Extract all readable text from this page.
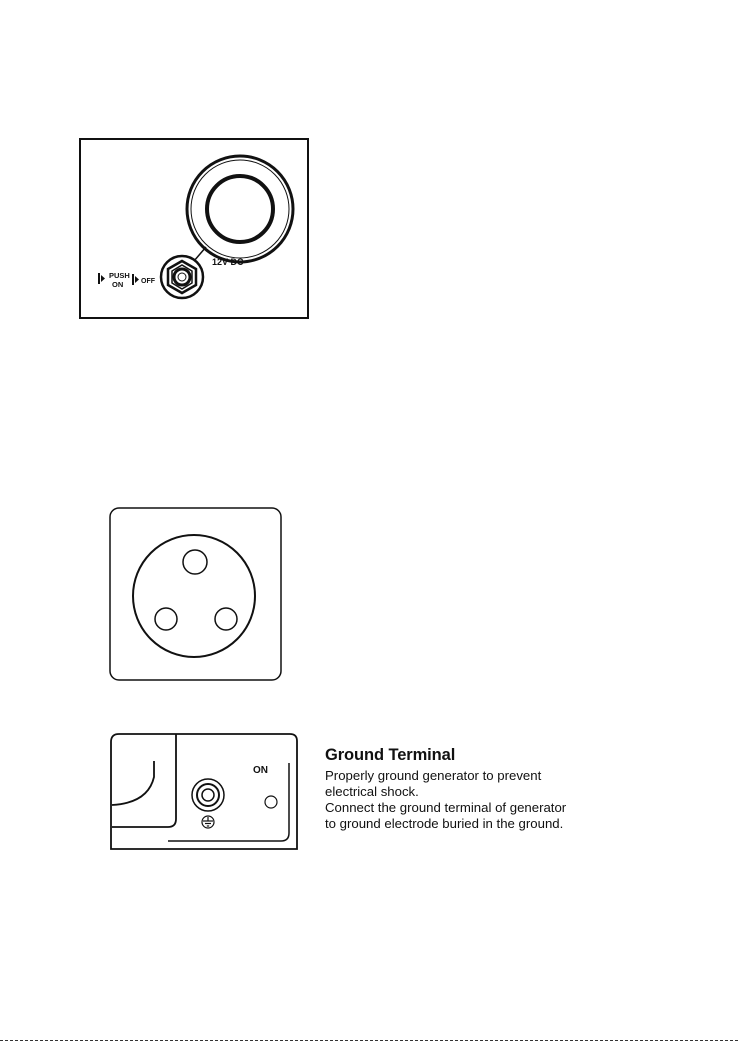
12V DC
PUSH
ON	OFF
ON

Ground Terminal

Properly ground generator to prevent

electrical shock.

Connect the ground terminal of generator

to ground electrode buried in the ground.
